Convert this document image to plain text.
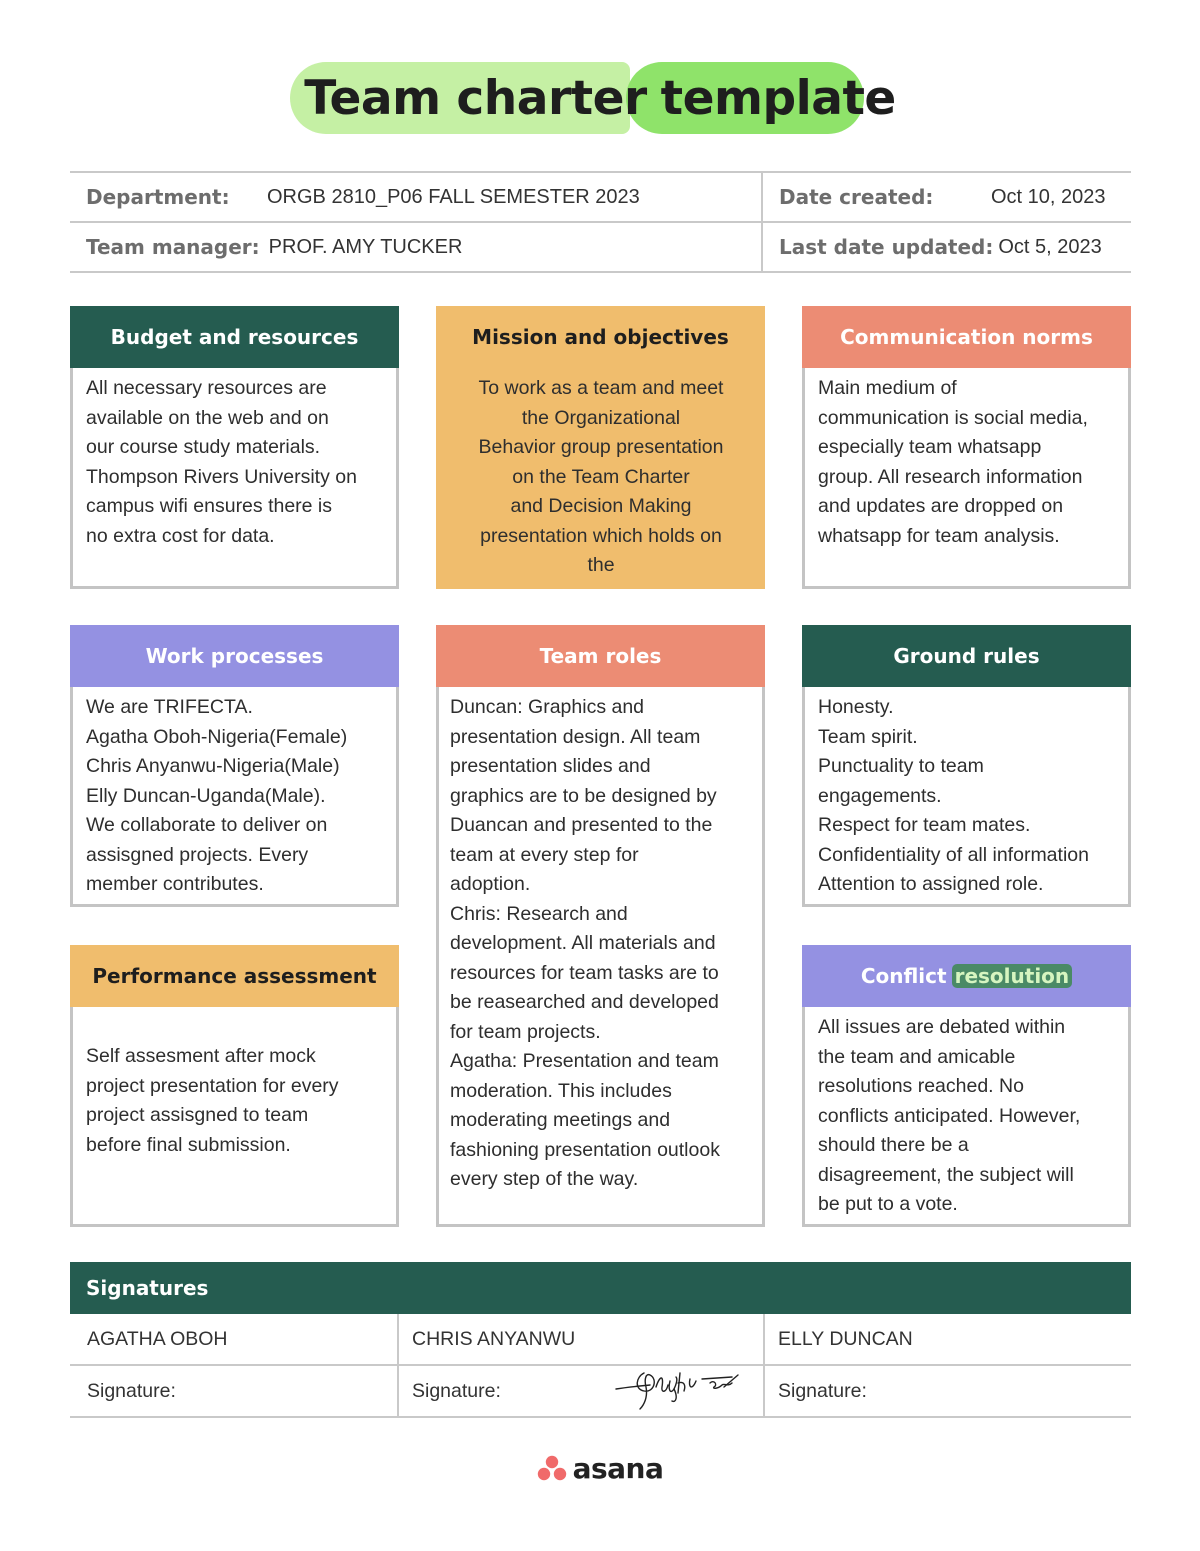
Team charter template
Department:	ORGB 2810_P06 FALL SEMESTER 2023	Date created:	Oct 10, 2023
Team manager: PROF. AMY TUCKER	Last date updated: Oct 5, 2023
Budget and resources
All necessary resources are
available on the web and on
our course study materials.
Thompson Rivers University on
campus wifi ensures there is
no extra cost for data.
Mission and objectives
To work as a team and meet
the Organizational
Behavior group presentation
on the Team Charter
and Decision Making
presentation which holds on
the
Communication norms
Main medium of
communication is social media,
especially team whatsapp
group. All research information
and updates are dropped on
whatsapp for team analysis.
Work processes
We are TRIFECTA.
Agatha Oboh-Nigeria(Female)
Chris Anyanwu-Nigeria(Male)
Elly Duncan-Uganda(Male).
We collaborate to deliver on
assisgned projects. Every
member contributes.
Team roles
Duncan: Graphics and
presentation design. All team
presentation slides and
graphics are to be designed by
Duancan and presented to the
team at every step for
adoption.
Chris: Research and
development. All materials and
resources for team tasks are to
be reasearched and developed
for team projects.
Agatha: Presentation and team
moderation. This includes
moderating meetings and
fashioning presentation outlook
every step of the way.
Ground rules
Honesty.
Team spirit.
Punctuality to team
engagements.
Respect for team mates.
Confidentiality of all information
Attention to assigned role.
Performance assessment
Self assesment after mock
project presentation for every
project assisgned to team
before final submission.
Conflict resolution
All issues are debated within
the team and amicable
resolutions reached. No
conflicts anticipated. However,
should there be a
disagreement, the subject will
be put to a vote.
Signatures
AGATHA OBOH	CHRIS ANYANWU	ELLY DUNCAN
Signature:	Signature:	Signature:
asana
